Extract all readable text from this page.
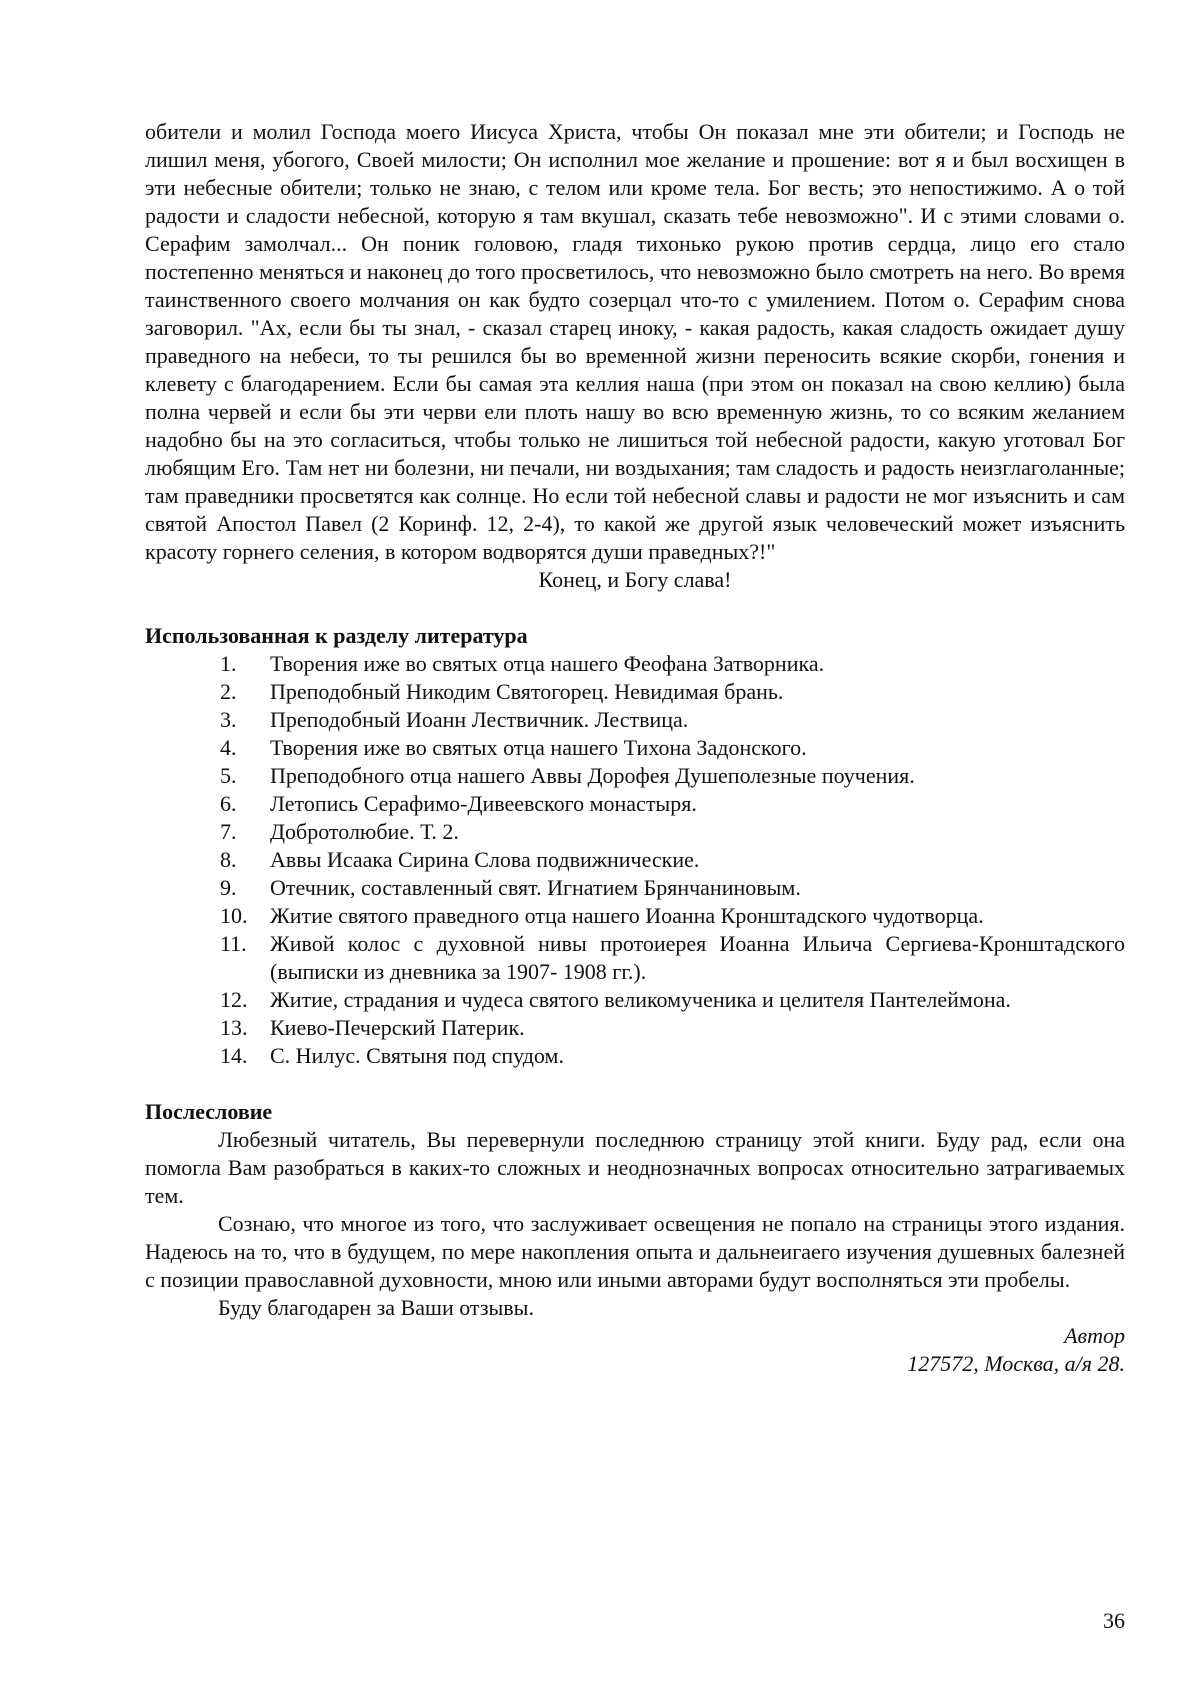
обители и молил Господа моего Иисуса Христа, чтобы Он показал мне эти обители; и Господь не лишил меня, убогого, Своей милости; Он исполнил мое желание и прошение: вот я и был восхищен в эти небесные обители; только не знаю, с телом или кроме тела. Бог весть; это непостижимо. А о той радости и сладости небесной, которую я там вкушал, сказать тебе невозможно". И с этими словами о. Серафим замолчал... Он поник головою, гладя тихонько рукою против сердца, лицо его стало постепенно меняться и наконец до того просветилось, что невозможно было смотреть на него. Во время таинственного своего молчания он как будто созерцал что-то с умилением. Потом о. Серафим снова заговорил. "Ах, если бы ты знал, - сказал старец иноку, - какая радость, какая сладость ожидает душу праведного на небеси, то ты решился бы во временной жизни переносить всякие скорби, гонения и клевету с благодарением. Если бы самая эта келлия наша (при этом он показал на свою келлию) была полна червей и если бы эти черви ели плоть нашу во всю временную жизнь, то со всяким желанием надобно бы на это согласиться, чтобы только не лишиться той небесной радости, какую уготовал Бог любящим Его. Там нет ни болезни, ни печали, ни воздыхания; там сладость и радость неизглаголанные; там праведники просветятся как солнце. Но если той небесной славы и радости не мог изъяснить и сам святой Апостол Павел (2 Коринф. 12, 2-4), то какой же другой язык человеческий может изъяснить красоту горнего селения, в котором водворятся души праведных?!"

Конец, и Богу слава!

Использованная к разделу литература
1.	Творения иже во святых отца нашего Феофана Затворника.
2.	Преподобный Никодим Святогорец. Невидимая брань.
3.	Преподобный Иоанн Лествичник. Лествица.
4.	Творения иже во святых отца нашего Тихона Задонского.
5.	Преподобного отца нашего Аввы Дорофея Душеполезные поучения.
6.	Летопись Серафимо-Дивеевского монастыря.
7.	Добротолюбие. Т. 2.
8.	Аввы Исаака Сирина Слова подвижнические.
9.	Отечник, составленный свят. Игнатием Брянчаниновым.
10.	Житие святого праведного отца нашего Иоанна Кронштадского чудотворца.
11.	Живой колос с духовной нивы протоиерея Иоанна Ильича Сергиева-Кронштадского (выписки из дневника за 1907- 1908 гг.).
12.	Житие, страдания и чудеса святого великомученика и целителя Пантелеймона.
13.	Киево-Печерский Патерик.
14.	С. Нилус. Святыня под спудом.
Послесловие

Любезный читатель, Вы перевернули последнюю страницу этой книги. Буду рад, если она помогла Вам разобраться в каких-то сложных и неоднозначных вопросах относительно затрагиваемых тем.

Сознаю, что многое из того, что заслуживает освещения не попало на страницы этого издания. Надеюсь на то, что в будущем, по мере накопления опыта и дальнеигаего изучения душевных балезней с позиции православной духовности, мною или иными авторами будут восполняться эти пробелы.

Буду благодарен за Ваши отзывы.

Автор

127572, Москва, а/я 28.

36
